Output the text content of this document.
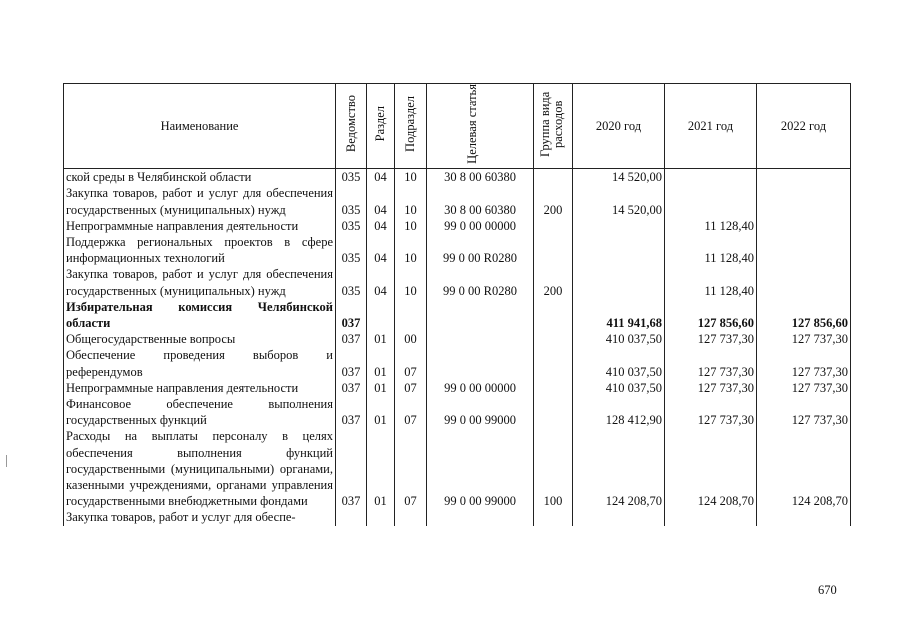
Наименование	Ведомство	Раздел	Подраздел	Целевая статья	Группа вида расходов	2020 год	2021 год	2022 год
ской среды в Челябинской области	035	04	10	30 8 00 60380		14 520,00		
Закупка товаров, работ и услуг для обеспечения государственных (муниципальных) нужд	035	04	10	30 8 00 60380	200	14 520,00		
Непрограммные направления деятельности	035	04	10	99 0 00 00000			11 128,40	
Поддержка региональных проектов в сфере информационных технологий	035	04	10	99 0 00 R0280			11 128,40	
Закупка товаров, работ и услуг для обеспечения государственных (муниципальных) нужд	035	04	10	99 0 00 R0280	200		11 128,40	
Избирательная комиссия Челябинской области	037					411 941,68	127 856,60	127 856,60
Общегосударственные вопросы	037	01	00			410 037,50	127 737,30	127 737,30
Обеспечение проведения выборов и референдумов	037	01	07			410 037,50	127 737,30	127 737,30
Непрограммные направления деятельности	037	01	07	99 0 00 00000		410 037,50	127 737,30	127 737,30
Финансовое обеспечение выполнения государственных функций	037	01	07	99 0 00 99000		128 412,90	127 737,30	127 737,30
Расходы на выплаты персоналу в целях обеспечения выполнения функций государственными (муниципальными) органами, казенными учреждениями, органами управления государственными внебюджетными фондами	037	01	07	99 0 00 99000	100	124 208,70	124 208,70	124 208,70
Закупка товаров, работ и услуг для обеспе-								
670
